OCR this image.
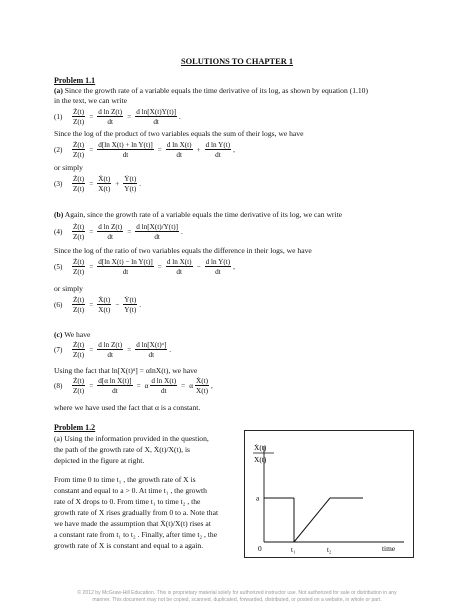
SOLUTIONS TO CHAPTER 1
Problem 1.1
(a) Since the growth rate of a variable equals the time derivative of its log, as shown by equation (1.10)
in the text, we can write
(1)	$\frac{Ż(t)}{Z(t)} = \frac{\text{d ln Z(t)}}{dt} = \frac{\text{d ln[X(t)Y(t)]}}{dt}$ .
Since the log of the product of two variables equals the sum of their logs, we have
(2)	$\frac{Ż(t)}{Z(t)} = \frac{\text{d[ln X(t) + ln Y(t)]}}{dt} = \frac{\text{d ln X(t)}}{dt} + \frac{\text{d ln Y(t)}}{dt}$ ,
or simply
(3)	$\frac{Ż(t)}{Z(t)} = \frac{\text{Ẋ(t)}}{X(t)} + \frac{\text{Ẏ(t)}}{Y(t)}$ .
(b) Again, since the growth rate of a variable equals the time derivative of its log, we can write
(4)	$\frac{Ż(t)}{Z(t)} = \frac{\text{d ln Z(t)}}{dt} = \frac{\text{d ln[X(t)/Y(t)]}}{dt}$ .
Since the log of the ratio of two variables equals the difference in their logs, we have
(5)	$\frac{Ż(t)}{Z(t)} = \frac{\text{d[ln X(t) − ln Y(t)]}}{dt} = \frac{\text{d ln X(t)}}{dt} - \frac{\text{d ln Y(t)}}{dt}$ ,
or simply
(6)	$\frac{Ż(t)}{Z(t)} = \frac{\text{Ẋ(t)}}{X(t)} - \frac{\text{Ẏ(t)}}{Y(t)}$ .
(c) We have
(7)	$\frac{Ż(t)}{Z(t)} = \frac{\text{d ln Z(t)}}{dt} = \frac{\text{d ln[X(t)ᵅ]}}{dt}$ .
Using the fact that ln[X(t)ᵅ] = αlnX(t), we have
(8)	$\frac{Ż(t)}{Z(t)} = \frac{\text{d[α ln X(t)]}}{dt} = \alpha \frac{\text{d ln X(t)}}{dt} = \alpha \frac{\text{Ẋ(t)}}{X(t)}$ ,
where we have used the fact that α is a constant.
Problem 1.2
(a) Using the information provided in the question,
the path of the growth rate of X, Ẋ(t)/X(t), is
depicted in the figure at right.
From time 0 to time t₁ , the growth rate of X is
constant and equal to a > 0. At time t₁ , the growth
rate of X drops to 0. From time t₁ to time t₂ , the
growth rate of X rises gradually from 0 to a. Note that
we have made the assumption that Ẋ(t)/X(t) rises at
a constant rate from t₁ to t₂ . Finally, after time t₂ , the
growth rate of X is constant and equal to a again.
Ẋ(t)
X(t)
a
0	t₁	t₂	time
© 2012 by McGraw-Hill Education. This is proprietary material solely for authorized instructor use. Not authorized for sale or distribution in any
manner. This document may not be copied, scanned, duplicated, forwarded, distributed, or posted on a website, in whole or part.
